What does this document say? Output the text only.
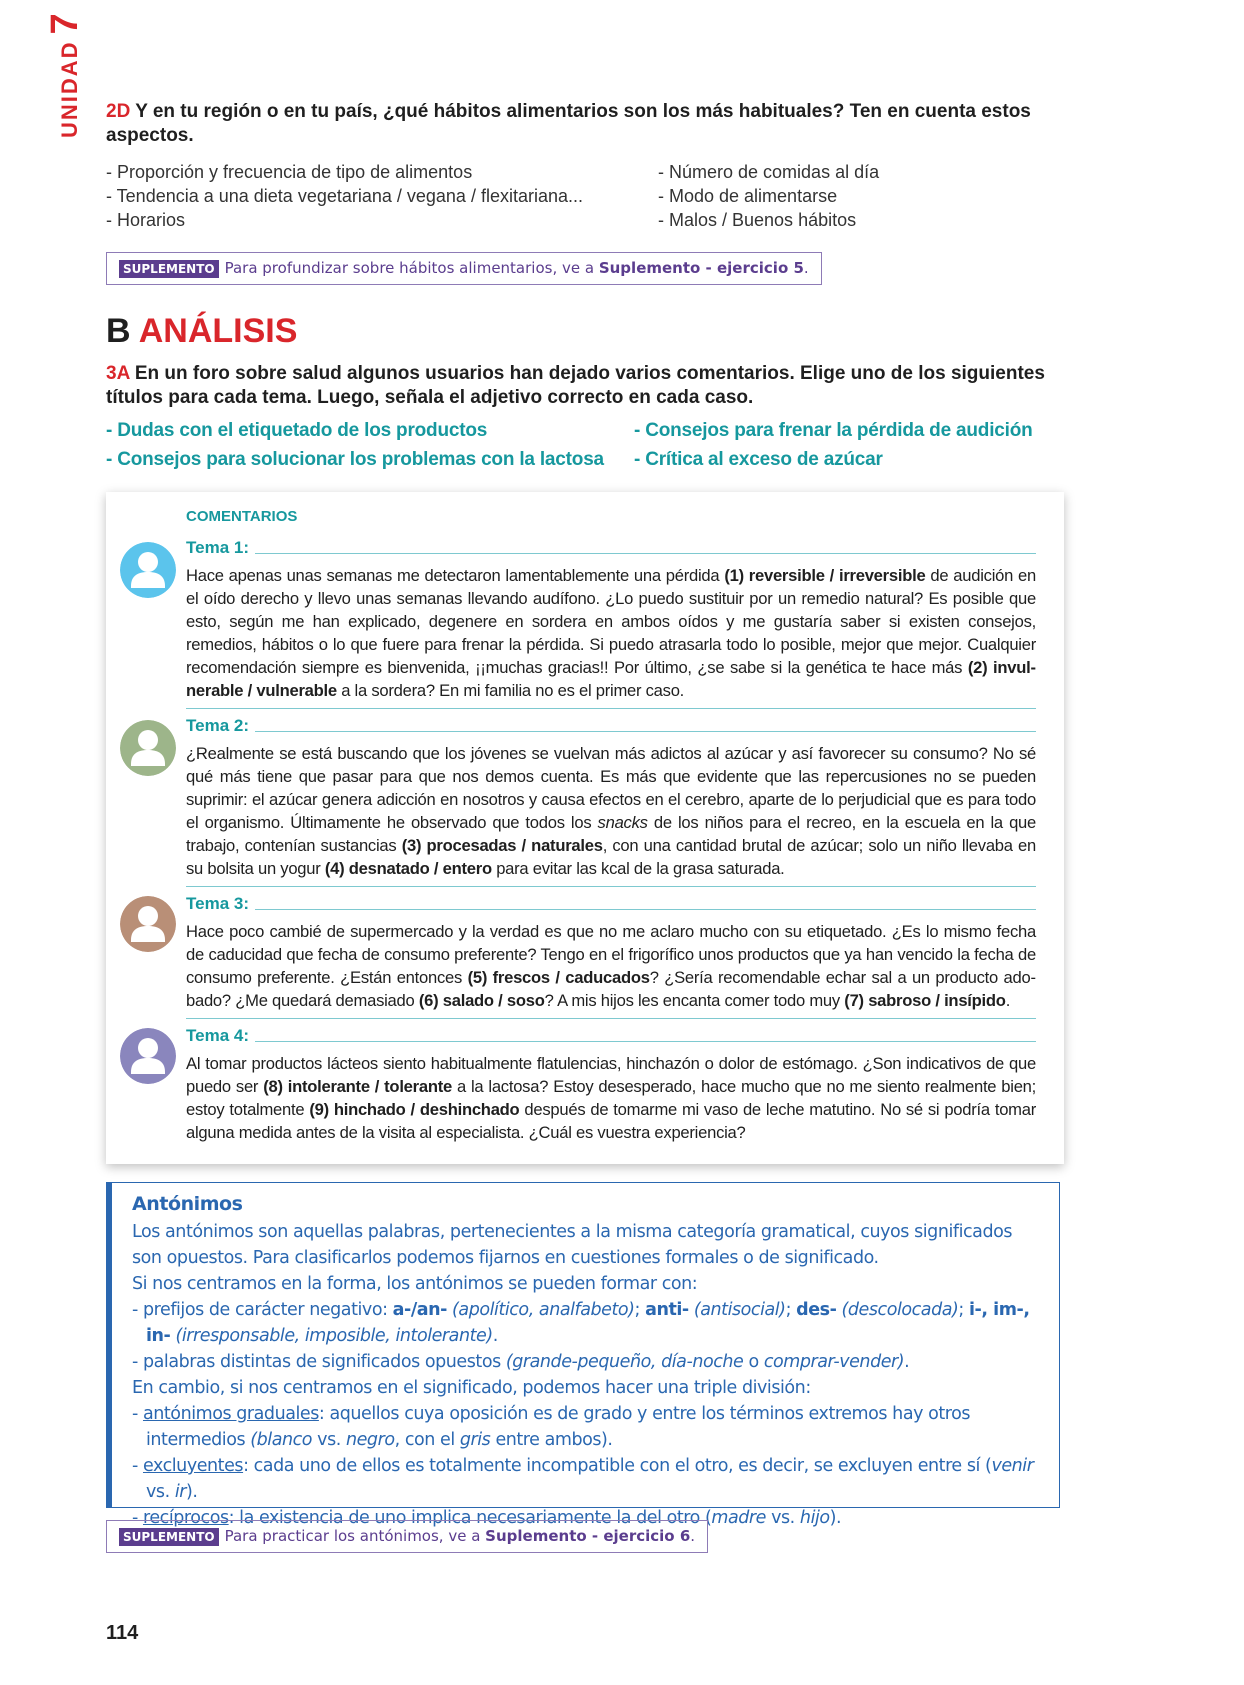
UNIDAD7

2D Y en tu región o en tu país, ¿qué hábitos alimentarios son los más habituales? Ten en cuenta estos aspectos.

- Proporción y frecuencia de tipo de alimentos
- Tendencia a una dieta vegetariana / vegana / flexitariana...
- Horarios
- Número de comidas al día
- Modo de alimentarse
- Malos / Buenos hábitos
SUPLEMENTO Para profundizar sobre hábitos alimentarios, ve a Suplemento - ejercicio 5.
B ANÁLISIS

3A En un foro sobre salud algunos usuarios han dejado varios comentarios. Elige uno de los siguientes títulos para cada tema. Luego, señala el adjetivo correcto en cada caso.

- Dudas con el etiquetado de los productos	- Consejos para frenar la pérdida de audición
- Consejos para solucionar los problemas con la lactosa - Crítica al exceso de azúcar
COMENTARIOS
Tema 1:
Hace apenas unas semanas me detectaron lamentablemente una pérdida (1) reversible / irreversible de audición en el oído derecho y llevo unas semanas llevando audífono. ¿Lo puedo sustituir por un remedio natural? Es posible que esto, según me han explicado, degenere en sordera en ambos oídos y me gustaría saber si existen consejos, remedios, hábitos o lo que fuere para frenar la pérdida. Si puedo atrasarla todo lo posible, mejor que mejor. Cualquier recomendación siempre es bienvenida, ¡¡muchas gracias!! Por último, ¿se sabe si la genética te hace más (2) invulnerable / vulnerable a la sordera? En mi familia no es el primer caso.
Tema 2:
¿Realmente se está buscando que los jóvenes se vuelvan más adictos al azúcar y así favorecer su consumo? No sé qué más tiene que pasar para que nos demos cuenta. Es más que evidente que las repercusiones no se pueden suprimir: el azúcar genera adicción en nosotros y causa efectos en el cerebro, aparte de lo perjudicial que es para todo el organismo. Últimamente he observado que todos los snacks de los niños para el recreo, en la escuela en la que trabajo, contenían sustancias (3) procesadas / naturales, con una cantidad brutal de azúcar; solo un niño llevaba en su bolsita un yogur (4) desnatado / entero para evitar las kcal de la grasa saturada.
Tema 3:
Hace poco cambié de supermercado y la verdad es que no me aclaro mucho con su etiquetado. ¿Es lo mismo fecha de caducidad que fecha de consumo preferente? Tengo en el frigorífico unos productos que ya han vencido la fecha de consumo preferente. ¿Están entonces (5) frescos / caducados? ¿Sería recomendable echar sal a un producto adobado? ¿Me quedará demasiado (6) salado / soso? A mis hijos les encanta comer todo muy (7) sabroso / insípido.
Tema 4:
Al tomar productos lácteos siento habitualmente flatulencias, hinchazón o dolor de estómago. ¿Son indicativos de que puedo ser (8) intolerante / tolerante a la lactosa? Estoy desesperado, hace mucho que no me siento realmente bien; estoy totalmente (9) hinchado / deshinchado después de tomarme mi vaso de leche matutino. No sé si podría tomar alguna medida antes de la visita al especialista. ¿Cuál es vuestra experiencia?

Antónimos

Los antónimos son aquellas palabras, pertenecientes a la misma categoría gramatical, cuyos significados son opuestos. Para clasificarlos podemos fijarnos en cuestiones formales o de significado.

Si nos centramos en la forma, los antónimos se pueden formar con:

- prefijos de carácter negativo: a-/an- (apolítico, analfabeto); anti- (antisocial); des- (descolocada); i-, im-, in- (irresponsable, imposible, intolerante).
- palabras distintas de significados opuestos (grande-pequeño, día-noche o comprar-vender).

En cambio, si nos centramos en el significado, podemos hacer una triple división:

- antónimos graduales: aquellos cuya oposición es de grado y entre los términos extremos hay otros intermedios (blanco vs. negro, con el gris entre ambos).
- excluyentes: cada uno de ellos es totalmente incompatible con el otro, es decir, se excluyen entre sí (venir vs. ir).
- recíprocos: la existencia de uno implica necesariamente la del otro (madre vs. hijo).
SUPLEMENTO Para practicar los antónimos, ve a Suplemento - ejercicio 6.
114
